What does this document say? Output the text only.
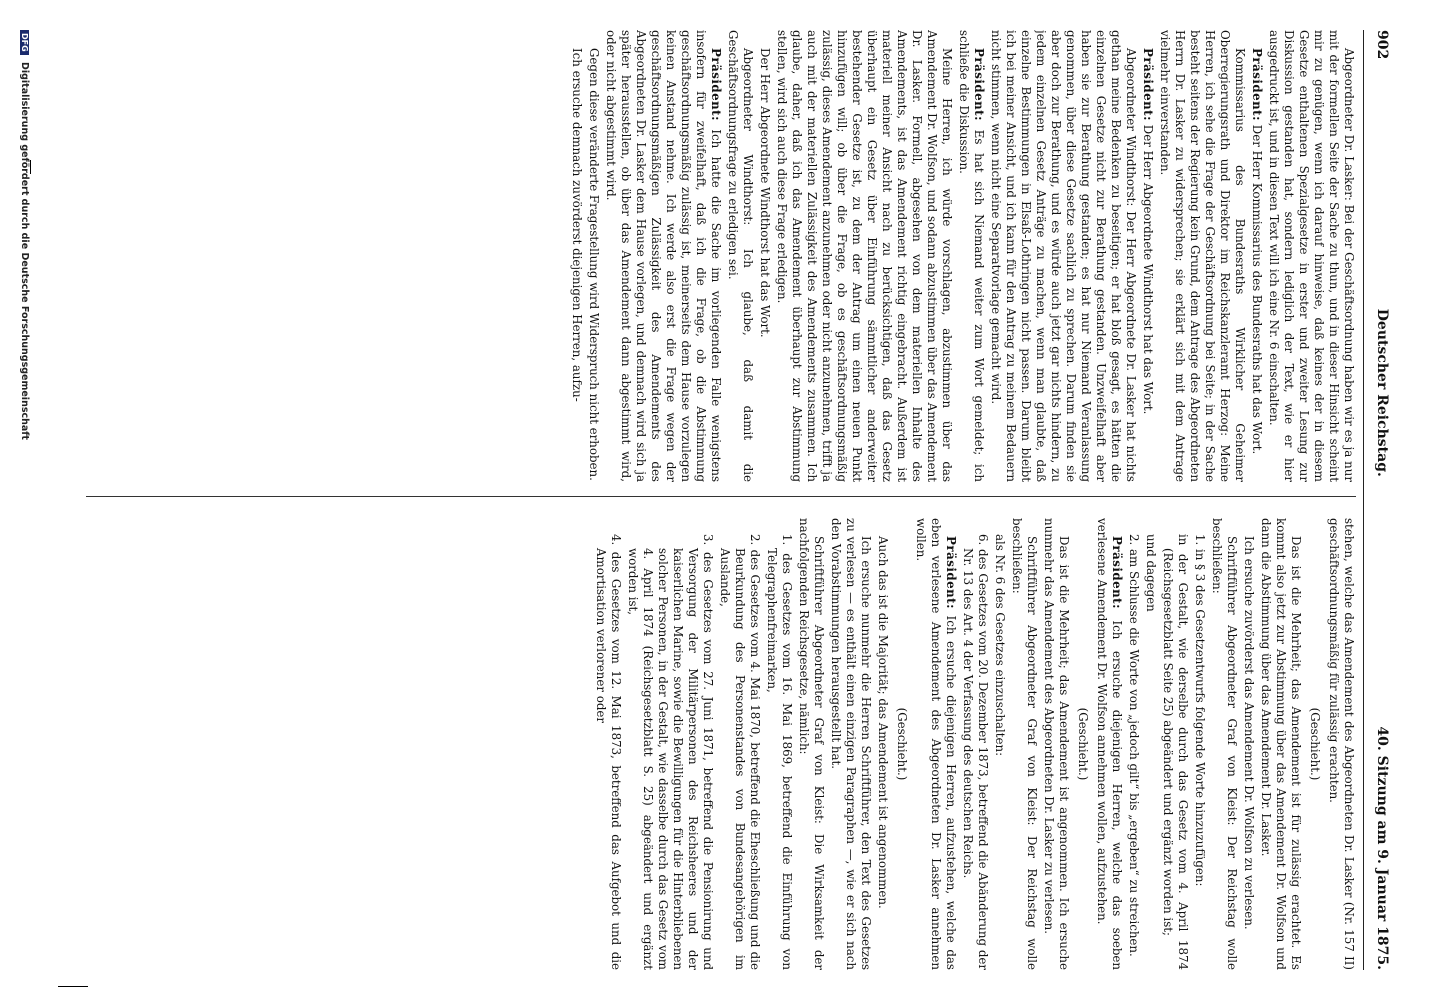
902
Deutscher Reichstag.
40. Sitzung am 9. Januar 1875.
Abgeordneter Dr. Lasker: Bei der Geschäftsordnung haben wir es ja nur mit der formellen Seite der Sache zu thun, und in dieser Hinsicht scheint mir zu genügen, wenn ich darauf hinweise, daß keines der in diesem Gesetze enthaltenen Spezialgesetze in erster und zweiter Lesung zur Diskussion gestanden hat, sondern lediglich der Text, wie er hier ausgedruckt ist, und in diesen Text will ich eine Nr. 6 einschalten.
Präsident: Der Herr Kommissarius des Bundesraths hat das Wort.
Kommissarius des Bundesraths Wirklicher Geheimer Oberregierungsrath und Direktor im Reichskanzleramt Herzog: Meine Herren, ich sehe die Frage der Geschäftsordnung bei Seite; in der Sache besteht seitens der Regierung kein Grund, dem Antrage des Abgeordneten Herrn Dr. Lasker zu widersprechen; sie erklärt sich mit dem Antrage vielmehr einverstanden.
Präsident: Der Herr Abgeordnete Windthorst hat das Wort.
Abgeordneter Windthorst: Der Herr Abgeordnete Dr. Lasker hat nichts gethan meine Bedenken zu beseitigen; er hat bloß gesagt, es hätten die einzelnen Gesetze nicht zur Berathung gestanden. Unzweifelhaft aber haben sie zur Berathung gestanden; es hat nur Niemand Veranlassung genommen, über diese Gesetze sachlich zu sprechen. Darum finden sie aber doch zur Berathung, und es würde auch jetzt gar nichts hindern, zu jedem einzelnen Gesetz Anträge zu machen, wenn man glaubte, daß einzelne Bestimmungen in Elsaß-Lothringen nicht passen. Darum bleibt ich bei meiner Ansicht, und ich kann für den Antrag zu meinem Bedauern nicht stimmen, wenn nicht eine Separatvorlage gemacht wird.
Präsident: Es hat sich Niemand weiter zum Wort gemeldet; ich schließe die Diskussion.
Meine Herren, ich würde vorschlagen, abzustimmen über das Amendement Dr. Wolfson, und sodann abzustimmen über das Amendement Dr. Lasker. Formell, abgesehen von dem materiellen Inhalte des Amendements, ist das Amendement richtig eingebracht. Außerdem ist materiell meiner Ansicht nach zu berücksichtigen, daß das Gesetz überhaupt ein Gesetz über Einführung sämmtlicher anderweiter bestehender Gesetze ist, zu dem der Antrag um einen neuen Punkt hinzufügen will; ob über die Frage, ob es geschäftsordnungsmäßig zulässig, dieses Amendement anzunehmen oder nicht anzunehmen, trifft ja auch mit der materiellen Zulässigkeit des Amendements zusammen. Ich glaube, daher, daß ich das Amendement überhaupt zur Abstimmung stellen, wird sich auch diese Frage erledigen.
Der Herr Abgeordnete Windthorst hat das Wort.
Abgeordneter Windthorst: Ich glaube, daß damit die Geschäftsordnungsfrage zu erledigen sei.
Präsident: Ich hatte die Sache im vorliegenden Falle wenigstens insofern für zweifelhaft, daß ich die Frage, ob die Abstimmung geschäftsordnungsmäßig zulässig ist, meinerseits dem Hause vorzulegen keinen Anstand nehme. Ich werde also erst die Frage wegen der geschäftsordnungsmäßigen Zulässigkeit des Amendements des Abgeordneten Dr. Lasker dem Hause vorlegen, und demnach wird sich ja später herausstellen, ob über das Amendement dann abgestimmt wird, oder nicht abgestimmt wird.
Gegen diese veränderte Fragestellung wird Widerspruch nicht erhoben.
Ich ersuche demnach zuvörderst diejenigen Herren, aufzu-
stehen, welche das Amendement des Abgeordneten Dr. Lasker (Nr. 157 II) geschäftsordnungsmäßig für zulässig erachten.
(Geschieht.)
Das ist die Mehrheit; das Amendement ist für zulässig erachtet. Es kommt also jetzt zur Abstimmung über das Amendement Dr. Wolfson und dann die Abstimmung über das Amendement Dr. Lasker.
Ich ersuche zuvörderst das Amendement Dr. Wolfson zu verlesen.
Schriftführer Abgeordneter Graf von Kleist: Der Reichstag wolle beschließen:
1. in § 3 des Gesetzentwurfs folgende Worte hinzuzufügen:
in der Gestalt, wie derselbe durch das Gesetz vom 4. April 1874 (Reichsgesetzblatt Seite 25) abgeändert und ergänzt worden ist;
und dagegen
2. am Schlusse die Worte von „jedoch gilt“ bis „ergeben“ zu streichen.
Präsident: Ich ersuche diejenigen Herren, welche das soeben verlesene Amendement Dr. Wolfson annehmen wollen, aufzustehen.
(Geschieht.)
Das ist die Mehrheit; das Amendement ist angenommen. Ich ersuche nunmehr das Amendement des Abgeordneten Dr. Lasker zu verlesen.
Schriftführer Abgeordneter Graf von Kleist: Der Reichstag wolle beschließen:
als Nr. 6 des Gesetzes einzuschalten:
6. des Gesetzes vom 20. Dezember 1873, betreffend die Abänderung der Nr. 13 des Art. 4 der Verfassung des deutschen Reichs.
Präsident: Ich ersuche diejenigen Herren, aufzustehen, welche das eben verlesene Amendement des Abgeordneten Dr. Lasker annehmen wollen.
(Geschieht.)
Auch das ist die Majorität; das Amendement ist angenommen.
Ich ersuche nunmehr die Herren Schriftführer, den Text des Gesetzes zu verlesen — es enthält einen einzigen Paragraphen —, wie er sich nach den Vorabstimmungen herausgestellt hat.
Schriftführer Abgeordneter Graf von Kleist: Die Wirksamkeit der nachfolgenden Reichsgesetze, nämlich:
1. des Gesetzes vom 16. Mai 1869, betreffend die Einführung von Telegraphenfreimarken,
2. des Gesetzes vom 4. Mai 1870, betreffend die Eheschließung und die Beurkundung des Personenstandes von Bundesangehörigen im Auslande,
3. des Gesetzes vom 27. Juni 1871, betreffend die Pensionirung und Versorgung der Militärpersonen des Reichsheeres und der kaiserlichen Marine, sowie die Bewilligungen für die Hinterbliebenen solcher Personen, in der Gestalt, wie dasselbe durch das Gesetz vom 4. April 1874 (Reichsgesetzblatt S. 25) abgeändert und ergänzt worden ist,
4. des Gesetzes vom 12. Mai 1873, betreffend das Aufgebot und die Amortisation verlorener oder
DFG Digitalisierung gefördert durch die Deutsche Forschungsgemeinschaft
